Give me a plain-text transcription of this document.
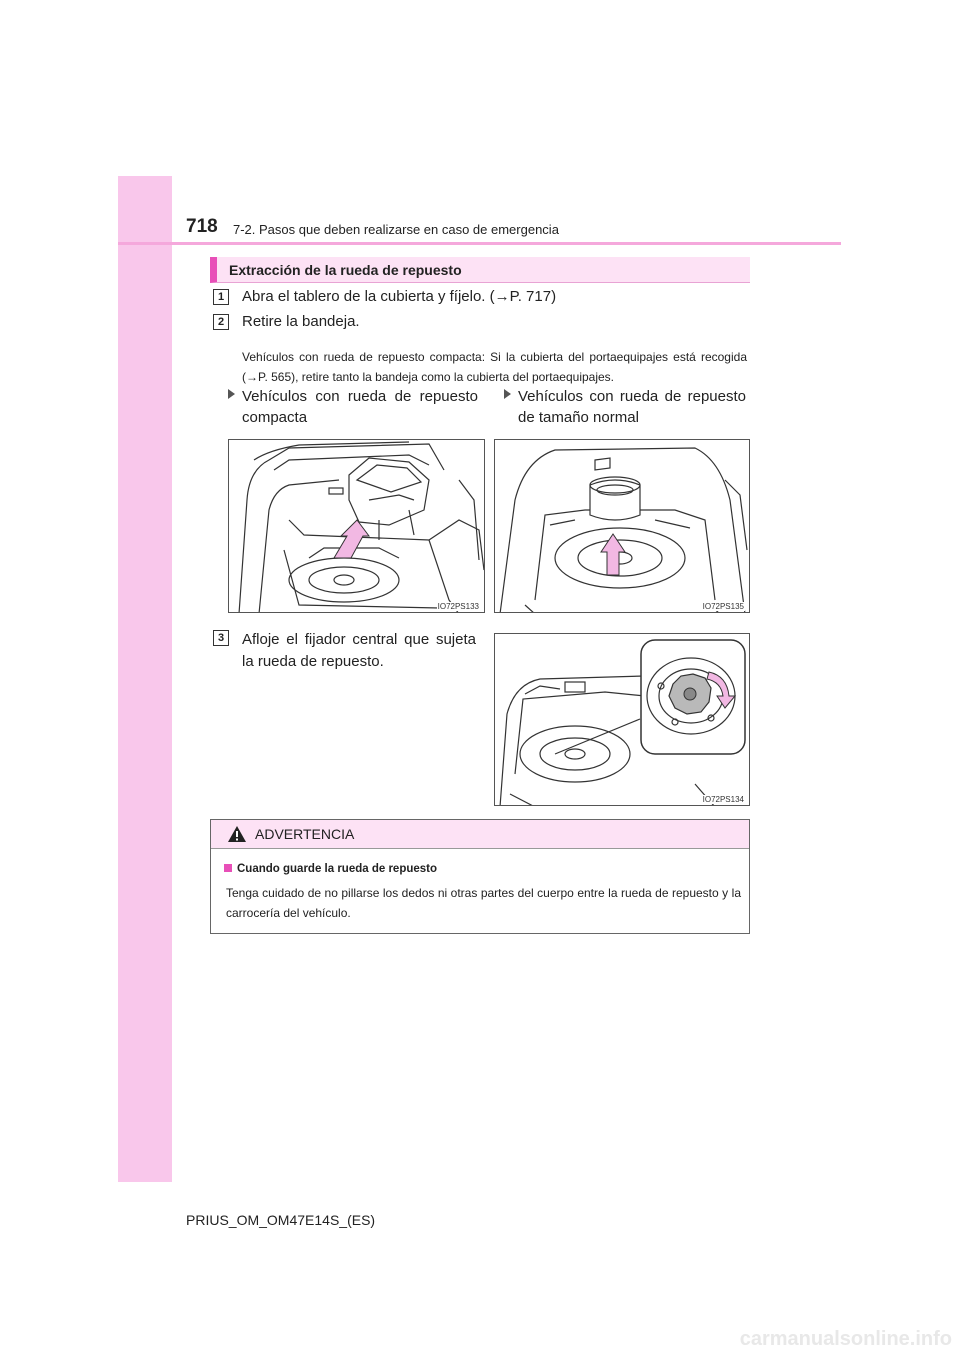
718 7-2. Pasos que deben realizarse en caso de emergencia
Extracción de la rueda de repuesto
1	Abra el tablero de la cubierta y fíjelo. (→P. 717)
2	Retire la bandeja.
Vehículos con rueda de repuesto compacta: Si la cubierta del portaequipajes está recogida (→P. 565), retire tanto la bandeja como la cubierta del portaequipajes.
Vehículos con rueda de repuesto compacta
Vehículos con rueda de repuesto de tamaño normal
IO72PS133	IO72PS135
3	Afloje el fijador central que sujeta la rueda de repuesto.
IO72PS134
ADVERTENCIA
Cuando guarde la rueda de repuesto
Tenga cuidado de no pillarse los dedos ni otras partes del cuerpo entre la rueda de repuesto y la carrocería del vehículo.
PRIUS_OM_OM47E14S_(ES)
carmanualsonline.info
